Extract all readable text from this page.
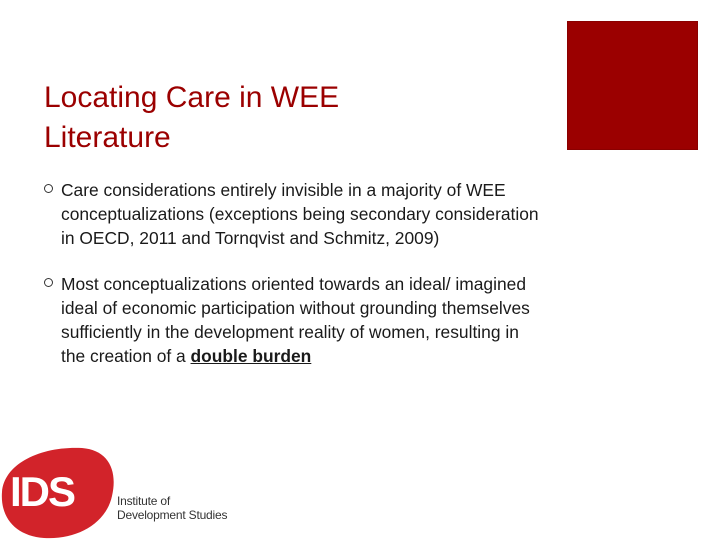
Locating Care in WEE
Literature
Care considerations entirely invisible in a majority of WEE conceptualizations (exceptions being secondary consideration in OECD, 2011 and Tornqvist and Schmitz, 2009)
Most conceptualizations oriented towards an ideal/ imagined ideal of economic participation without grounding themselves sufficiently in the development reality of women, resulting in the creation of a double burden
IDS	Institute of
Development Studies
